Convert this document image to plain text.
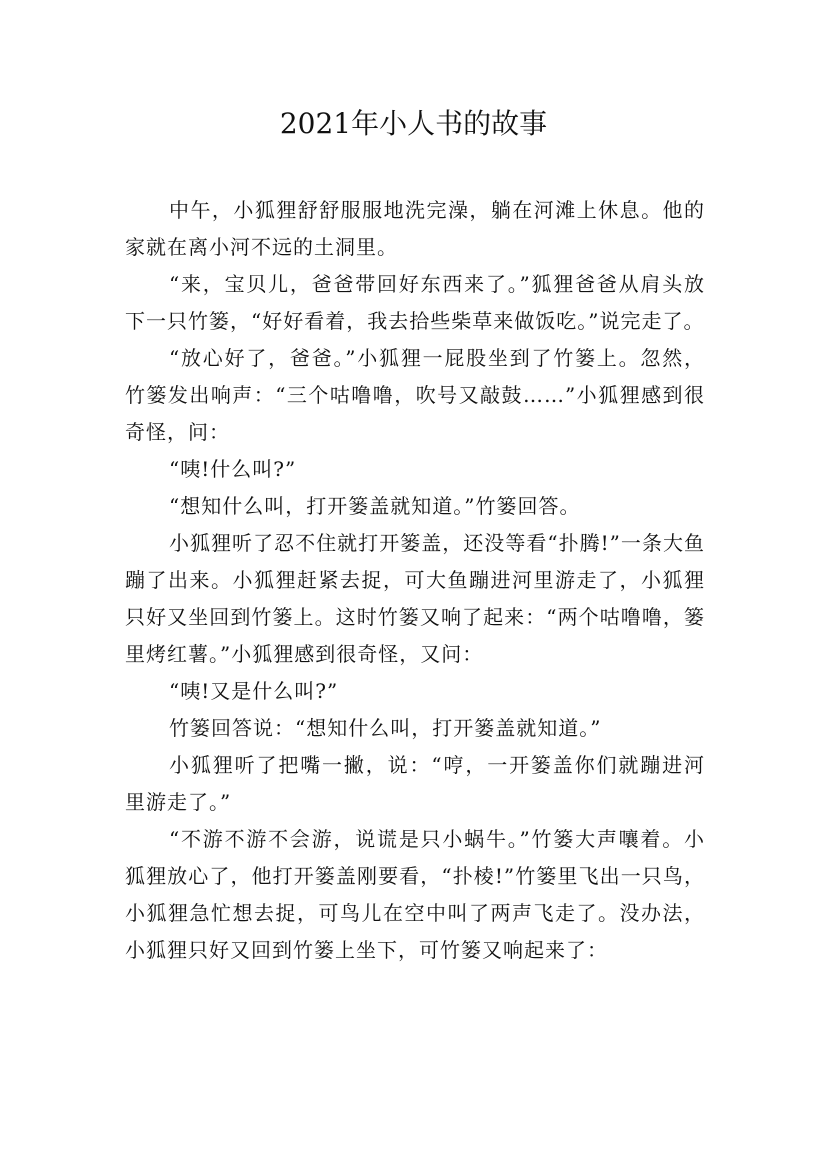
2021年小人书的故事

中午，小狐狸舒舒服服地洗完澡，躺在河滩上休息。他的家就在离小河不远的土洞里。

“来，宝贝儿，爸爸带回好东西来了。”狐狸爸爸从肩头放下一只竹篓，“好好看着，我去拾些柴草来做饭吃。”说完走了。

“放心好了，爸爸。”小狐狸一屁股坐到了竹篓上。忽然，竹篓发出响声：“三个咕噜噜，吹号又敲鼓……”小狐狸感到很奇怪，问：

“咦!什么叫?”

“想知什么叫，打开篓盖就知道。”竹篓回答。

小狐狸听了忍不住就打开篓盖，还没等看“扑腾!”一条大鱼蹦了出来。小狐狸赶紧去捉，可大鱼蹦进河里游走了，小狐狸只好又坐回到竹篓上。这时竹篓又响了起来：“两个咕噜噜，篓里烤红薯。”小狐狸感到很奇怪，又问：

“咦!又是什么叫?”

竹篓回答说：“想知什么叫，打开篓盖就知道。”

小狐狸听了把嘴一撇，说：“哼，一开篓盖你们就蹦进河里游走了。”

“不游不游不会游，说谎是只小蜗牛。”竹篓大声嚷着。小狐狸放心了，他打开篓盖刚要看，“扑棱!”竹篓里飞出一只鸟，小狐狸急忙想去捉，可鸟儿在空中叫了两声飞走了。没办法，小狐狸只好又回到竹篓上坐下，可竹篓又响起来了：
